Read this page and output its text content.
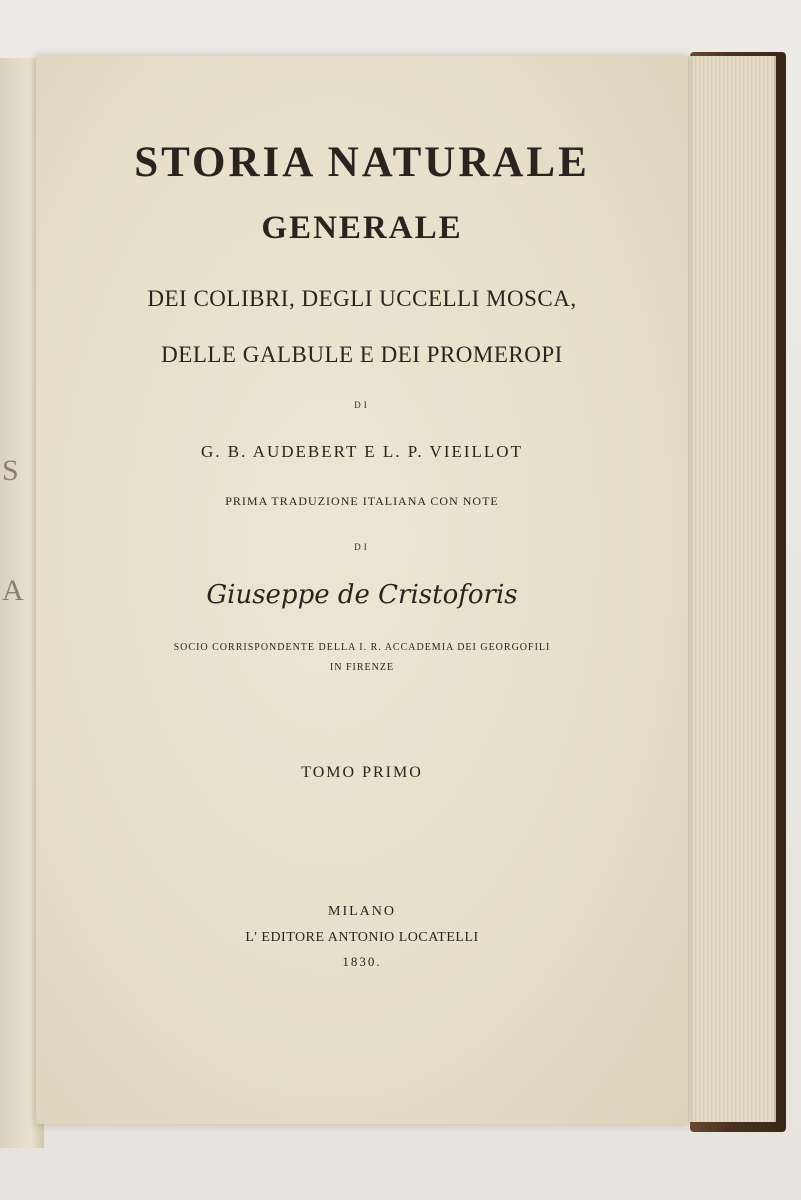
S
A
STORIA NATURALE
GENERALE
DEI COLIBRI, DEGLI UCCELLI MOSCA,
DELLE GALBULE E DEI PROMEROPI
DI
G. B. AUDEBERT E L. P. VIEILLOT
PRIMA TRADUZIONE ITALIANA CON NOTE
DI
Giuseppe de Cristoforis
SOCIO CORRISPONDENTE DELLA I. R. ACCADEMIA DEI GEORGOFILI
IN FIRENZE
TOMO PRIMO
MILANO
L' EDITORE ANTONIO LOCATELLI
1830.
